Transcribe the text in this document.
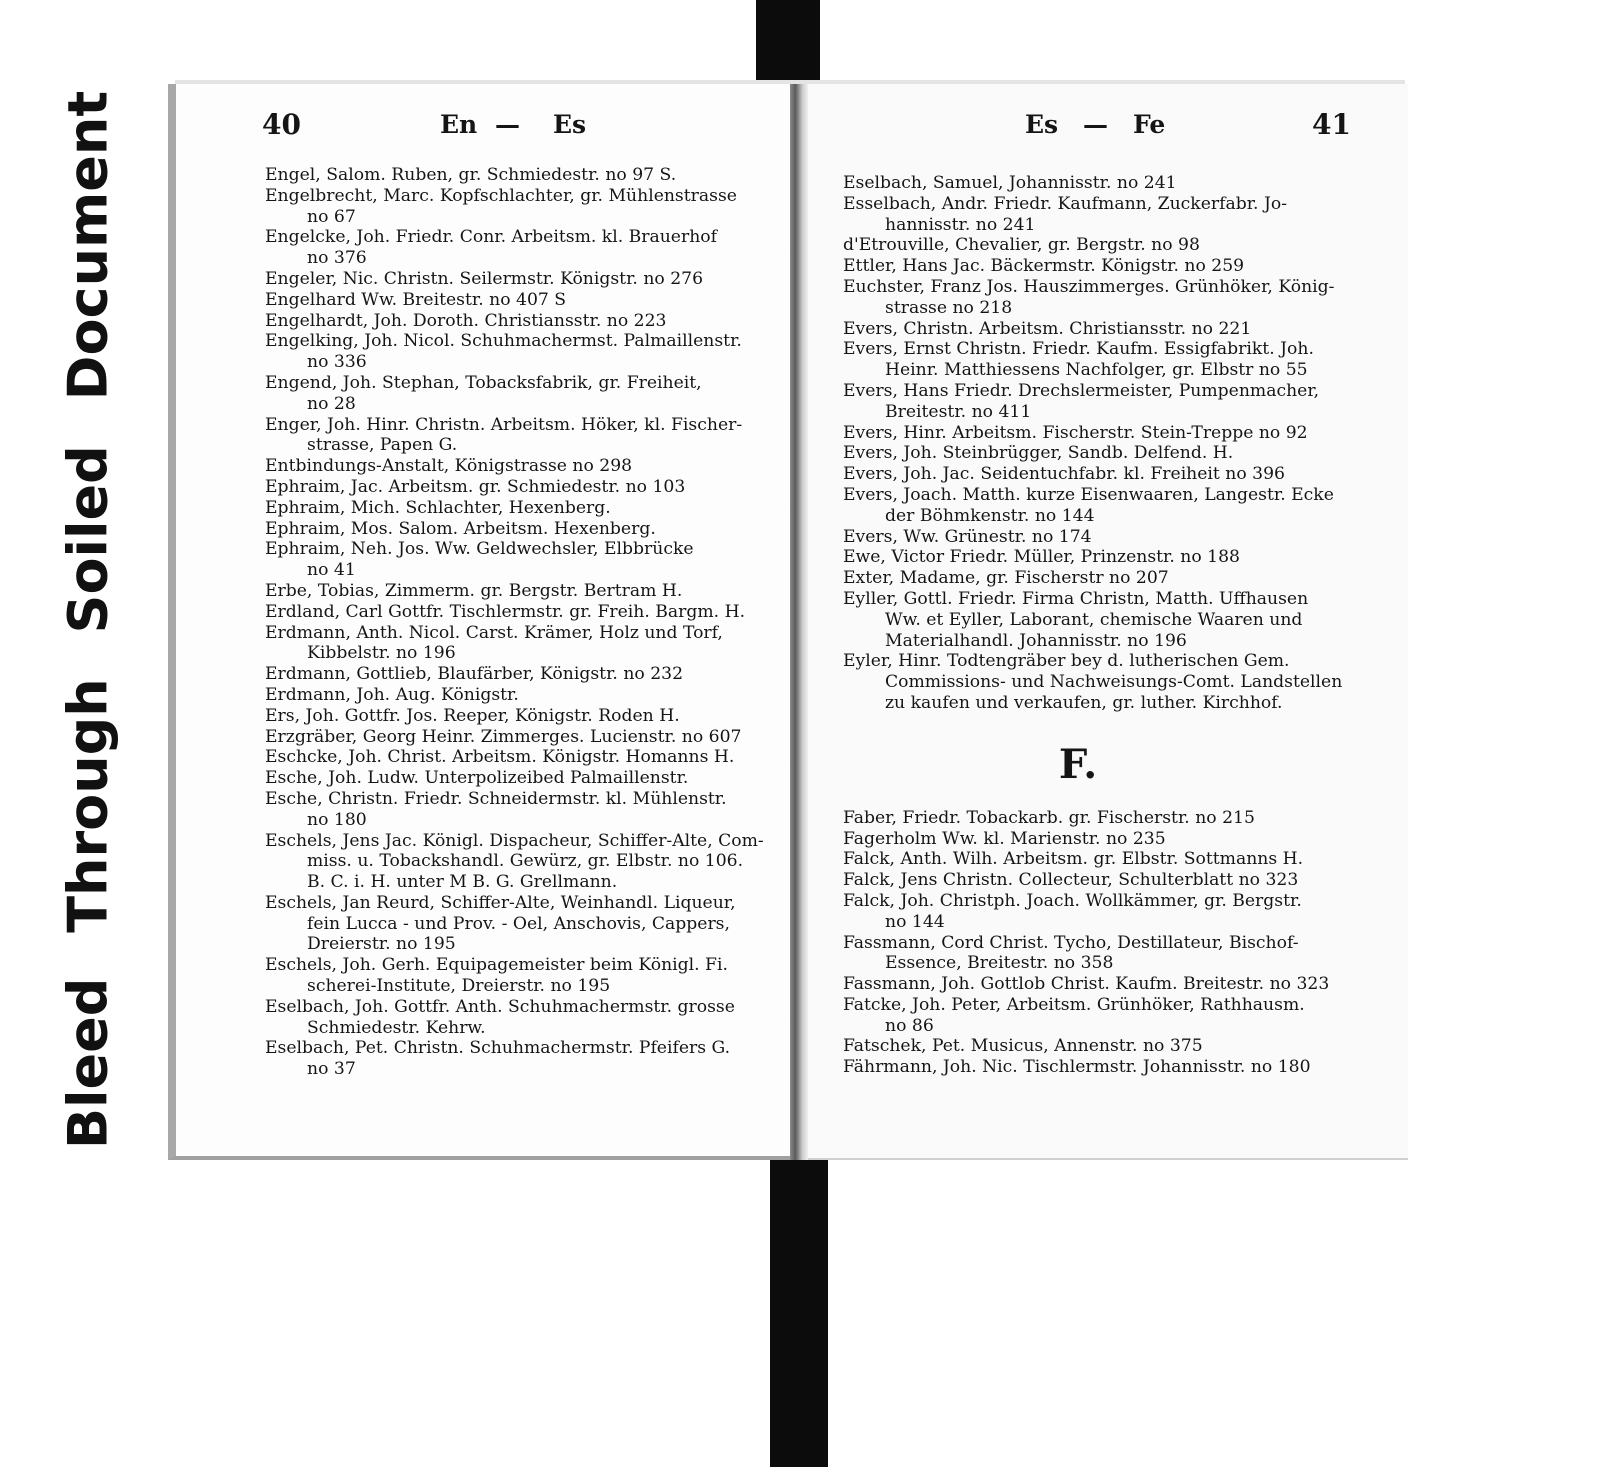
Bleed Through Soiled Document	40	En — Es	Es — Fe	41
Engel, Salom. Ruben, gr. Schmiedestr. no 97 S.
Engelbrecht, Marc. Kopfschlachter, gr. Mühlenstrasse
no 67
Engelcke, Joh. Friedr. Conr. Arbeitsm. kl. Brauerhof
no 376
Engeler, Nic. Christn. Seilermstr. Königstr. no 276
Engelhard Ww. Breitestr. no 407 S
Engelhardt, Joh. Doroth. Christiansstr. no 223
Engelking, Joh. Nicol. Schuhmachermst. Palmaillenstr.
no 336
Engend, Joh. Stephan, Tobacksfabrik, gr. Freiheit,
no 28
Enger, Joh. Hinr. Christn. Arbeitsm. Höker, kl. Fischer-
strasse, Papen G.
Entbindungs-Anstalt, Königstrasse no 298
Ephraim, Jac. Arbeitsm. gr. Schmiedestr. no 103
Ephraim, Mich. Schlachter, Hexenberg.
Ephraim, Mos. Salom. Arbeitsm. Hexenberg.
Ephraim, Neh. Jos. Ww. Geldwechsler, Elbbrücke
no 41
Erbe, Tobias, Zimmerm. gr. Bergstr. Bertram H.
Erdland, Carl Gottfr. Tischlermstr. gr. Freih. Bargm. H.
Erdmann, Anth. Nicol. Carst. Krämer, Holz und Torf,
Kibbelstr. no 196
Erdmann, Gottlieb, Blaufärber, Königstr. no 232
Erdmann, Joh. Aug. Königstr.
Ers, Joh. Gottfr. Jos. Reeper, Königstr. Roden H.
Erzgräber, Georg Heinr. Zimmerges. Lucienstr. no 607
Eschcke, Joh. Christ. Arbeitsm. Königstr. Homanns H.
Esche, Joh. Ludw. Unterpolizeibed Palmaillenstr.
Esche, Christn. Friedr. Schneidermstr. kl. Mühlenstr.
no 180
Eschels, Jens Jac. Königl. Dispacheur, Schiffer-Alte, Com-
miss. u. Tobackshandl. Gewürz, gr. Elbstr. no 106.
B. C. i. H. unter M B. G. Grellmann.
Eschels, Jan Reurd, Schiffer-Alte, Weinhandl. Liqueur,
fein Lucca - und Prov. - Oel, Anschovis, Cappers,
Dreierstr. no 195
Eschels, Joh. Gerh. Equipagemeister beim Königl. Fi.
scherei-Institute, Dreierstr. no 195
Eselbach, Joh. Gottfr. Anth. Schuhmachermstr. grosse
Schmiedestr. Kehrw.
Eselbach, Pet. Christn. Schuhmachermstr. Pfeifers G.
no 37
Eselbach, Samuel, Johannisstr. no 241
Esselbach, Andr. Friedr. Kaufmann, Zuckerfabr. Jo-
hannisstr. no 241
d'Etrouville, Chevalier, gr. Bergstr. no 98
Ettler, Hans Jac. Bäckermstr. Königstr. no 259
Euchster, Franz Jos. Hauszimmerges. Grünhöker, König-
strasse no 218
Evers, Christn. Arbeitsm. Christiansstr. no 221
Evers, Ernst Christn. Friedr. Kaufm. Essigfabrikt. Joh.
Heinr. Matthiessens Nachfolger, gr. Elbstr no 55
Evers, Hans Friedr. Drechslermeister, Pumpenmacher,
Breitestr. no 411
Evers, Hinr. Arbeitsm. Fischerstr. Stein-Treppe no 92
Evers, Joh. Steinbrügger, Sandb. Delfend. H.
Evers, Joh. Jac. Seidentuchfabr. kl. Freiheit no 396
Evers, Joach. Matth. kurze Eisenwaaren, Langestr. Ecke
der Böhmkenstr. no 144
Evers, Ww. Grünestr. no 174
Ewe, Victor Friedr. Müller, Prinzenstr. no 188
Exter, Madame, gr. Fischerstr no 207
Eyller, Gottl. Friedr. Firma Christn, Matth. Uffhausen
Ww. et Eyller, Laborant, chemische Waaren und
Materialhandl. Johannisstr. no 196
Eyler, Hinr. Todtengräber bey d. lutherischen Gem.
Commissions- und Nachweisungs-Comt. Landstellen
zu kaufen und verkaufen, gr. luther. Kirchhof.
F.
Faber, Friedr. Tobackarb. gr. Fischerstr. no 215
Fagerholm Ww. kl. Marienstr. no 235
Falck, Anth. Wilh. Arbeitsm. gr. Elbstr. Sottmanns H.
Falck, Jens Christn. Collecteur, Schulterblatt no 323
Falck, Joh. Christph. Joach. Wollkämmer, gr. Bergstr.
no 144
Fassmann, Cord Christ. Tycho, Destillateur, Bischof-
Essence, Breitestr. no 358
Fassmann, Joh. Gottlob Christ. Kaufm. Breitestr. no 323
Fatcke, Joh. Peter, Arbeitsm. Grünhöker, Rathhausm.
no 86
Fatschek, Pet. Musicus, Annenstr. no 375
Fährmann, Joh. Nic. Tischlermstr. Johannisstr. no 180
